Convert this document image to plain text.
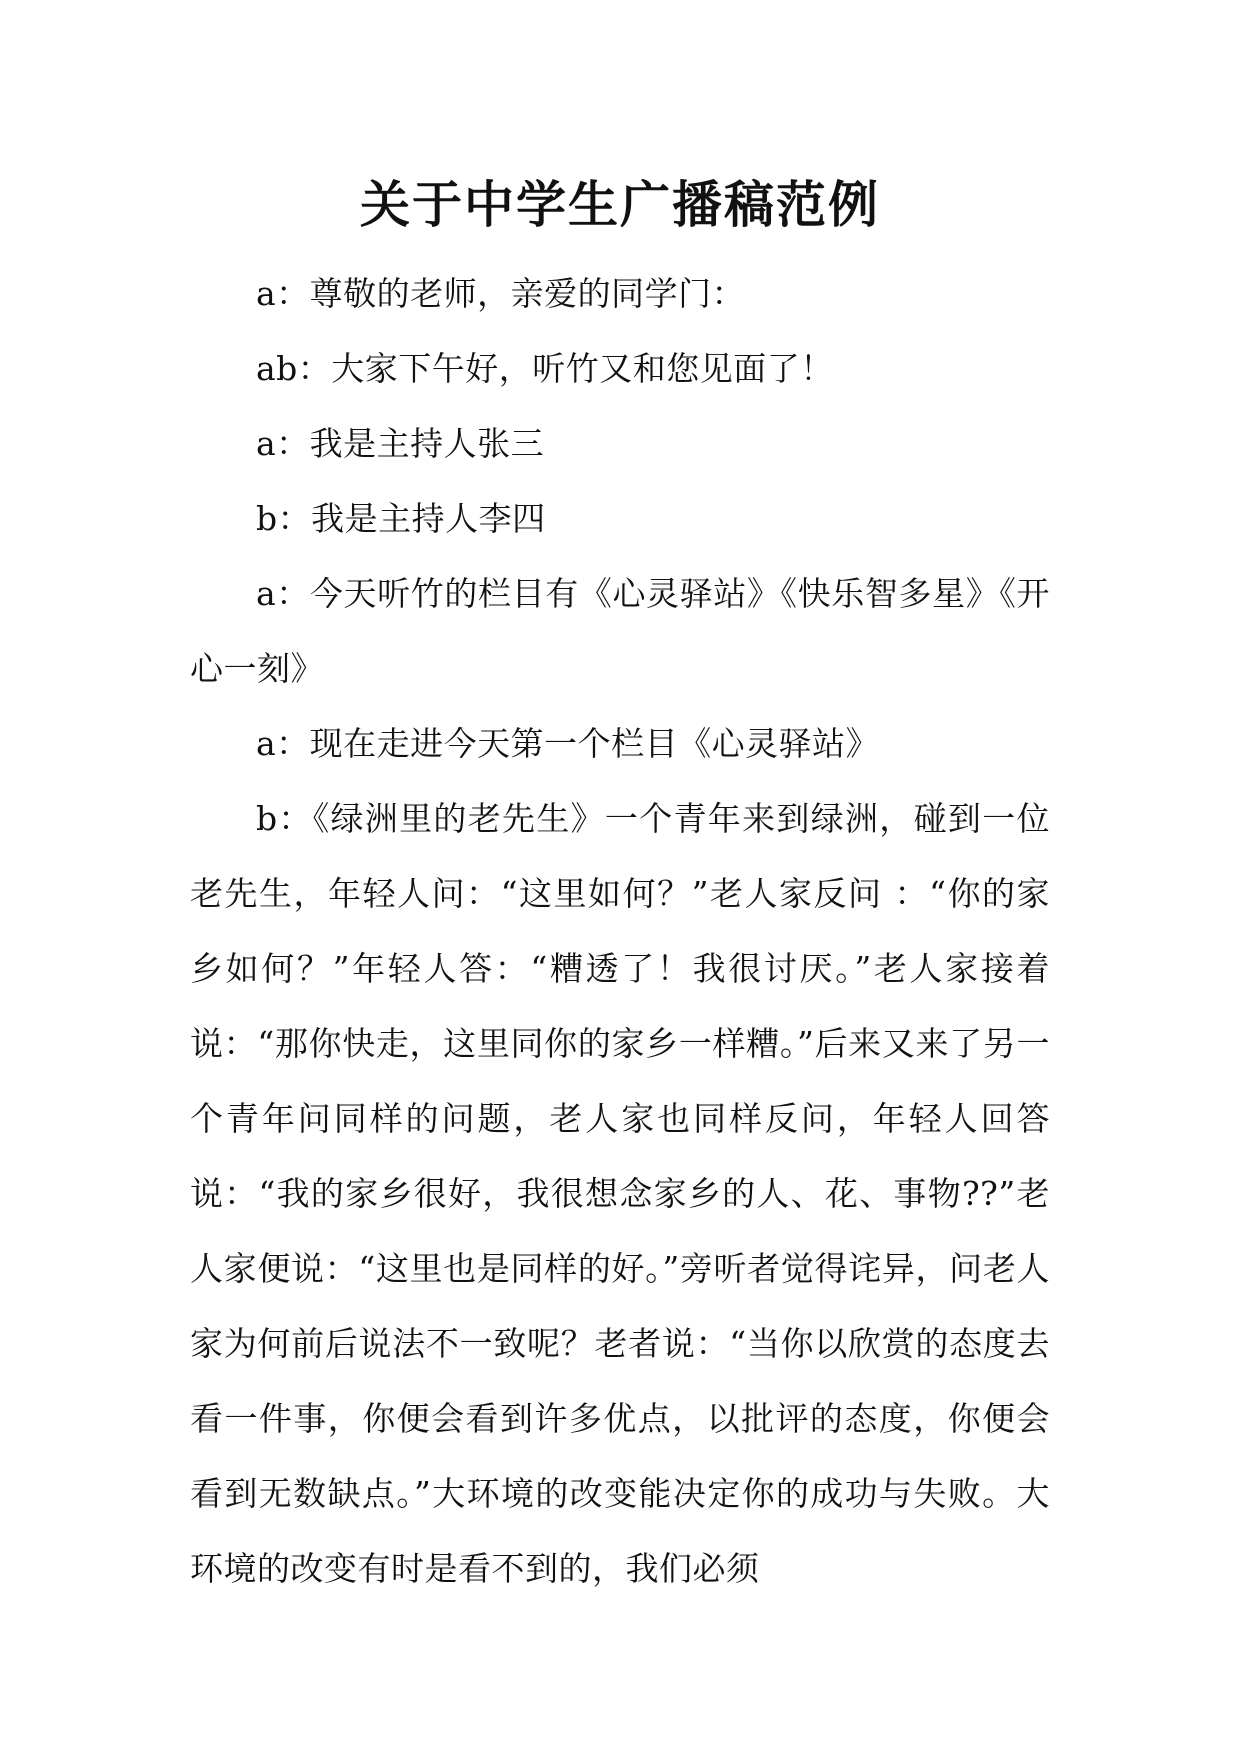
关于中学生广播稿范例

a：尊敬的老师，亲爱的同学门：

ab：大家下午好，听竹又和您见面了！

a：我是主持人张三

b：我是主持人李四

a：今天听竹的栏目有《心灵驿站》《快乐智多星》《开心一刻》

a：现在走进今天第一个栏目《心灵驿站》

b：《绿洲里的老先生》一个青年来到绿洲，碰到一位老先生，年轻人问：“这里如何？”老人家反问 ：“你的家乡如何？”年轻人答：“糟透了！我很讨厌。”老人家接着说：“那你快走，这里同你的家乡一样糟。”后来又来了另一个青年问同样的问题，老人家也同样反问，年轻人回答说：“我的家乡很好，我很想念家乡的人、花、事物??”老人家便说：“这里也是同样的好。”旁听者觉得诧异，问老人家为何前后说法不一致呢？老者说：“当你以欣赏的态度去看一件事，你便会看到许多优点，以批评的态度，你便会看到无数缺点。”大环境的改变能决定你的成功与失败。大环境的改变有时是看不到的，我们必须
